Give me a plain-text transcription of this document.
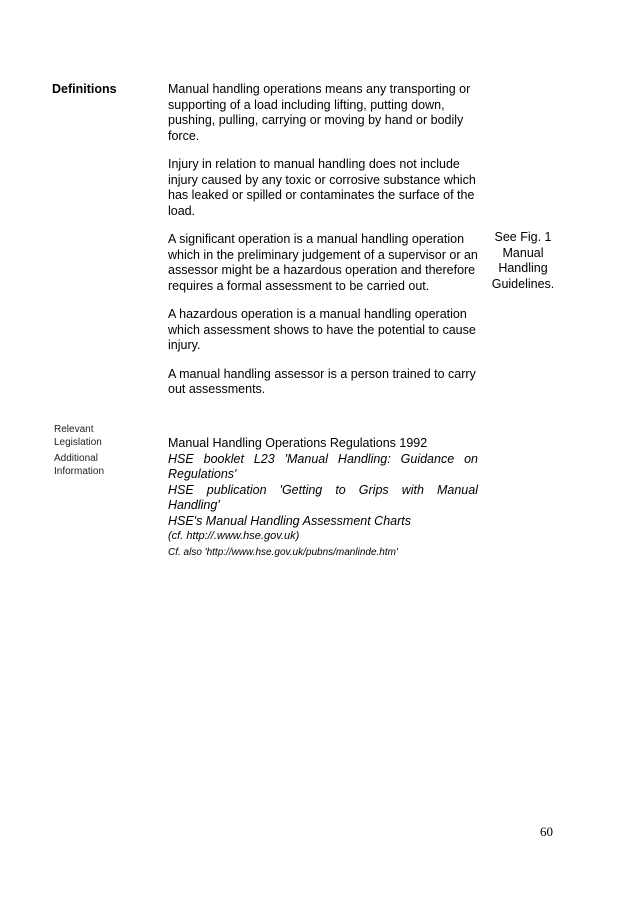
Definitions	Manual handling operations means any transporting or supporting of a load including lifting, putting down, pushing, pulling, carrying or moving by hand or bodily force.

Injury in relation to manual handling does not include injury caused by any toxic or corrosive substance which has leaked or spilled or contaminates the surface of the load.

A significant operation is a manual handling operation which in the preliminary judgement of a supervisor or an assessor might be a hazardous operation and therefore requires a formal assessment to be carried out.

A hazardous operation is a manual handling operation which assessment shows to have the potential to cause injury.

A manual handling assessor is a person trained to carry out assessments.

See Fig. 1
Manual
Handling
Guidelines.
Relevant
Legislation
Additional
Information
Manual Handling Operations Regulations 1992
HSE booklet L23 'Manual Handling: Guidance on
Regulations'
HSE publication 'Getting to Grips with Manual
Handling'
HSE's Manual Handling Assessment Charts
(cf. http://.www.hse.gov.uk)
Cf. also 'http://www.hse.gov.uk/pubns/manlinde.htm'
60
